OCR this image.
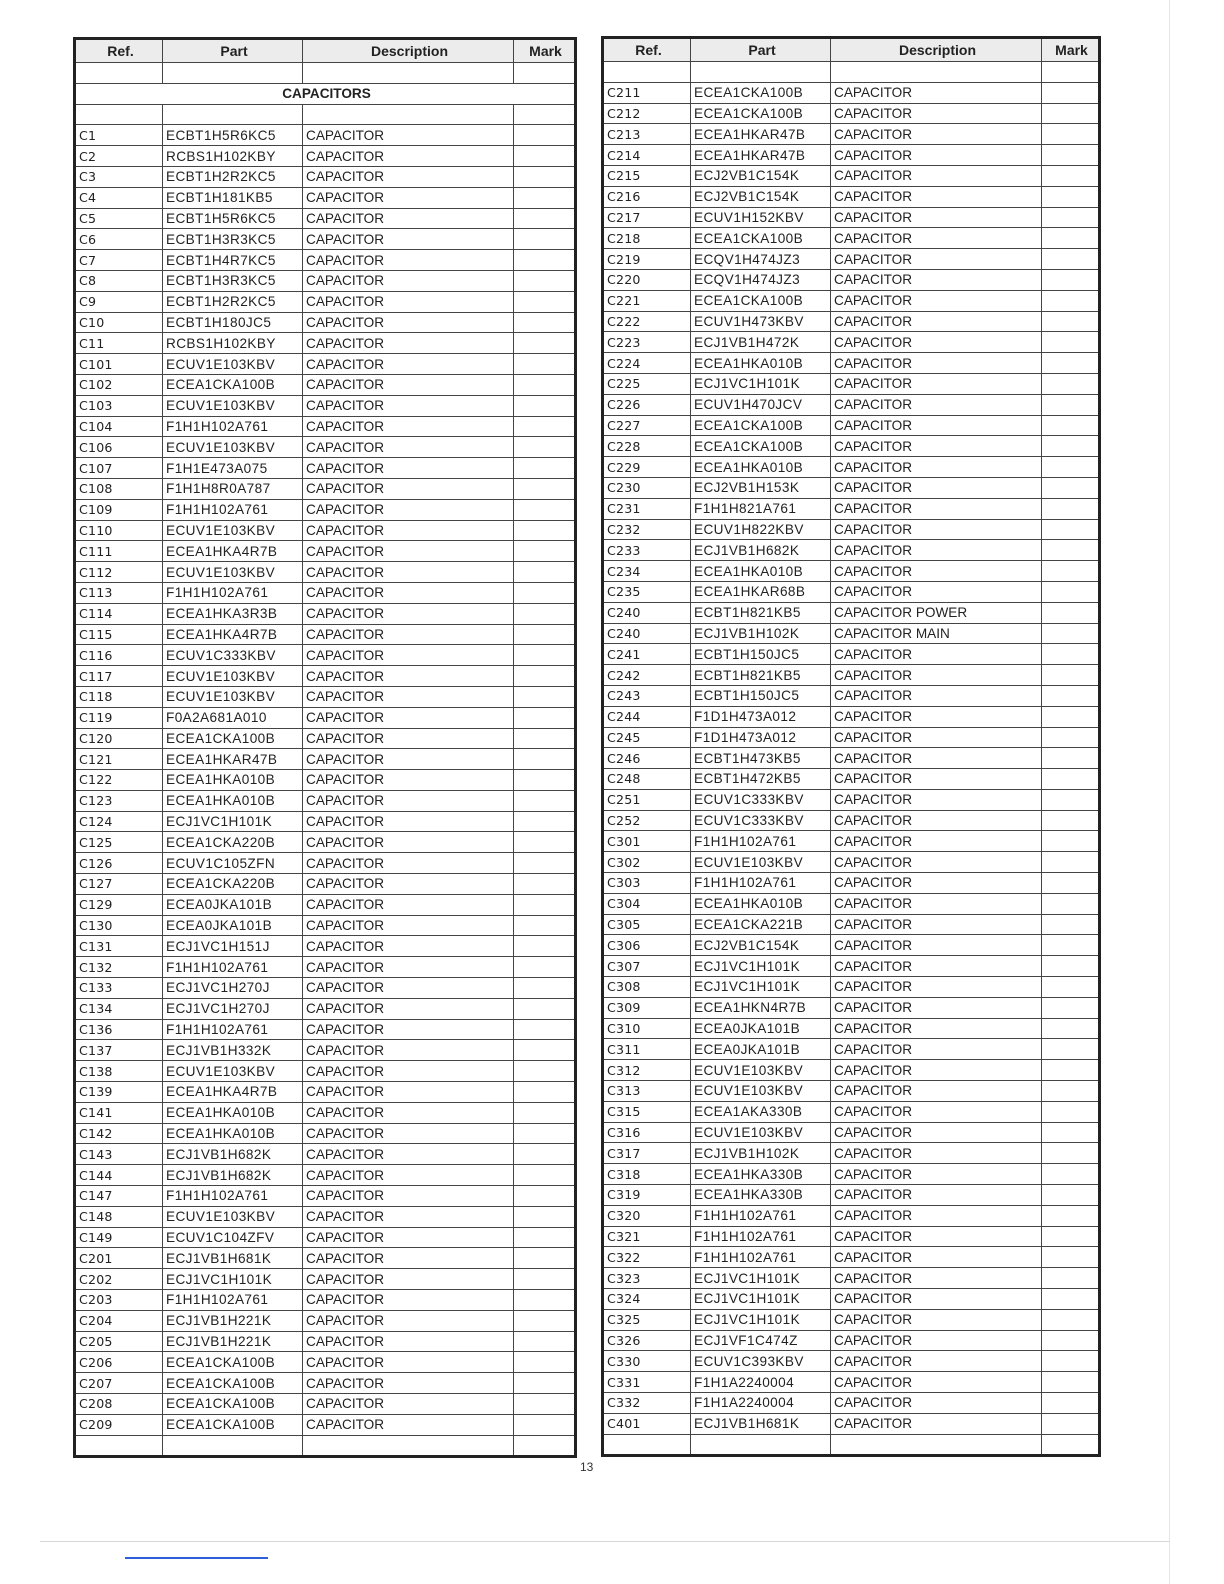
Ref.	Part	Description	Mark

CAPACITORS			

C1	ECBT1H5R6KC5	CAPACITOR	
C2	RCBS1H102KBY	CAPACITOR	
C3	ECBT1H2R2KC5	CAPACITOR	
C4	ECBT1H181KB5	CAPACITOR	
C5	ECBT1H5R6KC5	CAPACITOR	
C6	ECBT1H3R3KC5	CAPACITOR	
C7	ECBT1H4R7KC5	CAPACITOR	
C8	ECBT1H3R3KC5	CAPACITOR	
C9	ECBT1H2R2KC5	CAPACITOR	
C10	ECBT1H180JC5	CAPACITOR	
C11	RCBS1H102KBY	CAPACITOR	
C101	ECUV1E103KBV	CAPACITOR	
C102	ECEA1CKA100B	CAPACITOR	
C103	ECUV1E103KBV	CAPACITOR	
C104	F1H1H102A761	CAPACITOR	
C106	ECUV1E103KBV	CAPACITOR	
C107	F1H1E473A075	CAPACITOR	
C108	F1H1H8R0A787	CAPACITOR	
C109	F1H1H102A761	CAPACITOR	
C110	ECUV1E103KBV	CAPACITOR	
C111	ECEA1HKA4R7B	CAPACITOR	
C112	ECUV1E103KBV	CAPACITOR	
C113	F1H1H102A761	CAPACITOR	
C114	ECEA1HKA3R3B	CAPACITOR	
C115	ECEA1HKA4R7B	CAPACITOR	
C116	ECUV1C333KBV	CAPACITOR	
C117	ECUV1E103KBV	CAPACITOR	
C118	ECUV1E103KBV	CAPACITOR	
C119	F0A2A681A010	CAPACITOR	
C120	ECEA1CKA100B	CAPACITOR	
C121	ECEA1HKAR47B	CAPACITOR	
C122	ECEA1HKA010B	CAPACITOR	
C123	ECEA1HKA010B	CAPACITOR	
C124	ECJ1VC1H101K	CAPACITOR	
C125	ECEA1CKA220B	CAPACITOR	
C126	ECUV1C105ZFN	CAPACITOR	
C127	ECEA1CKA220B	CAPACITOR	
C129	ECEA0JKA101B	CAPACITOR	
C130	ECEA0JKA101B	CAPACITOR	
C131	ECJ1VC1H151J	CAPACITOR	
C132	F1H1H102A761	CAPACITOR	
C133	ECJ1VC1H270J	CAPACITOR	
C134	ECJ1VC1H270J	CAPACITOR	
C136	F1H1H102A761	CAPACITOR	
C137	ECJ1VB1H332K	CAPACITOR	
C138	ECUV1E103KBV	CAPACITOR	
C139	ECEA1HKA4R7B	CAPACITOR	
C141	ECEA1HKA010B	CAPACITOR	
C142	ECEA1HKA010B	CAPACITOR	
C143	ECJ1VB1H682K	CAPACITOR	
C144	ECJ1VB1H682K	CAPACITOR	
C147	F1H1H102A761	CAPACITOR	
C148	ECUV1E103KBV	CAPACITOR	
C149	ECUV1C104ZFV	CAPACITOR	
C201	ECJ1VB1H681K	CAPACITOR	
C202	ECJ1VC1H101K	CAPACITOR	
C203	F1H1H102A761	CAPACITOR	
C204	ECJ1VB1H221K	CAPACITOR	
C205	ECJ1VB1H221K	CAPACITOR	
C206	ECEA1CKA100B	CAPACITOR	
C207	ECEA1CKA100B	CAPACITOR	
C208	ECEA1CKA100B	CAPACITOR	
C209	ECEA1CKA100B	CAPACITOR	

Ref.	Part	Description	Mark

C211	ECEA1CKA100B	CAPACITOR	
C212	ECEA1CKA100B	CAPACITOR	
C213	ECEA1HKAR47B	CAPACITOR	
C214	ECEA1HKAR47B	CAPACITOR	
C215	ECJ2VB1C154K	CAPACITOR	
C216	ECJ2VB1C154K	CAPACITOR	
C217	ECUV1H152KBV	CAPACITOR	
C218	ECEA1CKA100B	CAPACITOR	
C219	ECQV1H474JZ3	CAPACITOR	
C220	ECQV1H474JZ3	CAPACITOR	
C221	ECEA1CKA100B	CAPACITOR	
C222	ECUV1H473KBV	CAPACITOR	
C223	ECJ1VB1H472K	CAPACITOR	
C224	ECEA1HKA010B	CAPACITOR	
C225	ECJ1VC1H101K	CAPACITOR	
C226	ECUV1H470JCV	CAPACITOR	
C227	ECEA1CKA100B	CAPACITOR	
C228	ECEA1CKA100B	CAPACITOR	
C229	ECEA1HKA010B	CAPACITOR	
C230	ECJ2VB1H153K	CAPACITOR	
C231	F1H1H821A761	CAPACITOR	
C232	ECUV1H822KBV	CAPACITOR	
C233	ECJ1VB1H682K	CAPACITOR	
C234	ECEA1HKA010B	CAPACITOR	
C235	ECEA1HKAR68B	CAPACITOR	
C240	ECBT1H821KB5	CAPACITOR POWER	
C240	ECJ1VB1H102K	CAPACITOR MAIN	
C241	ECBT1H150JC5	CAPACITOR	
C242	ECBT1H821KB5	CAPACITOR	
C243	ECBT1H150JC5	CAPACITOR	
C244	F1D1H473A012	CAPACITOR	
C245	F1D1H473A012	CAPACITOR	
C246	ECBT1H473KB5	CAPACITOR	
C248	ECBT1H472KB5	CAPACITOR	
C251	ECUV1C333KBV	CAPACITOR	
C252	ECUV1C333KBV	CAPACITOR	
C301	F1H1H102A761	CAPACITOR	
C302	ECUV1E103KBV	CAPACITOR	
C303	F1H1H102A761	CAPACITOR	
C304	ECEA1HKA010B	CAPACITOR	
C305	ECEA1CKA221B	CAPACITOR	
C306	ECJ2VB1C154K	CAPACITOR	
C307	ECJ1VC1H101K	CAPACITOR	
C308	ECJ1VC1H101K	CAPACITOR	
C309	ECEA1HKN4R7B	CAPACITOR	
C310	ECEA0JKA101B	CAPACITOR	
C311	ECEA0JKA101B	CAPACITOR	
C312	ECUV1E103KBV	CAPACITOR	
C313	ECUV1E103KBV	CAPACITOR	
C315	ECEA1AKA330B	CAPACITOR	
C316	ECUV1E103KBV	CAPACITOR	
C317	ECJ1VB1H102K	CAPACITOR	
C318	ECEA1HKA330B	CAPACITOR	
C319	ECEA1HKA330B	CAPACITOR	
C320	F1H1H102A761	CAPACITOR	
C321	F1H1H102A761	CAPACITOR	
C322	F1H1H102A761	CAPACITOR	
C323	ECJ1VC1H101K	CAPACITOR	
C324	ECJ1VC1H101K	CAPACITOR	
C325	ECJ1VC1H101K	CAPACITOR	
C326	ECJ1VF1C474Z	CAPACITOR	
C330	ECUV1C393KBV	CAPACITOR	
C331	F1H1A2240004	CAPACITOR	
C332	F1H1A2240004	CAPACITOR	
C401	ECJ1VB1H681K	CAPACITOR	

13
